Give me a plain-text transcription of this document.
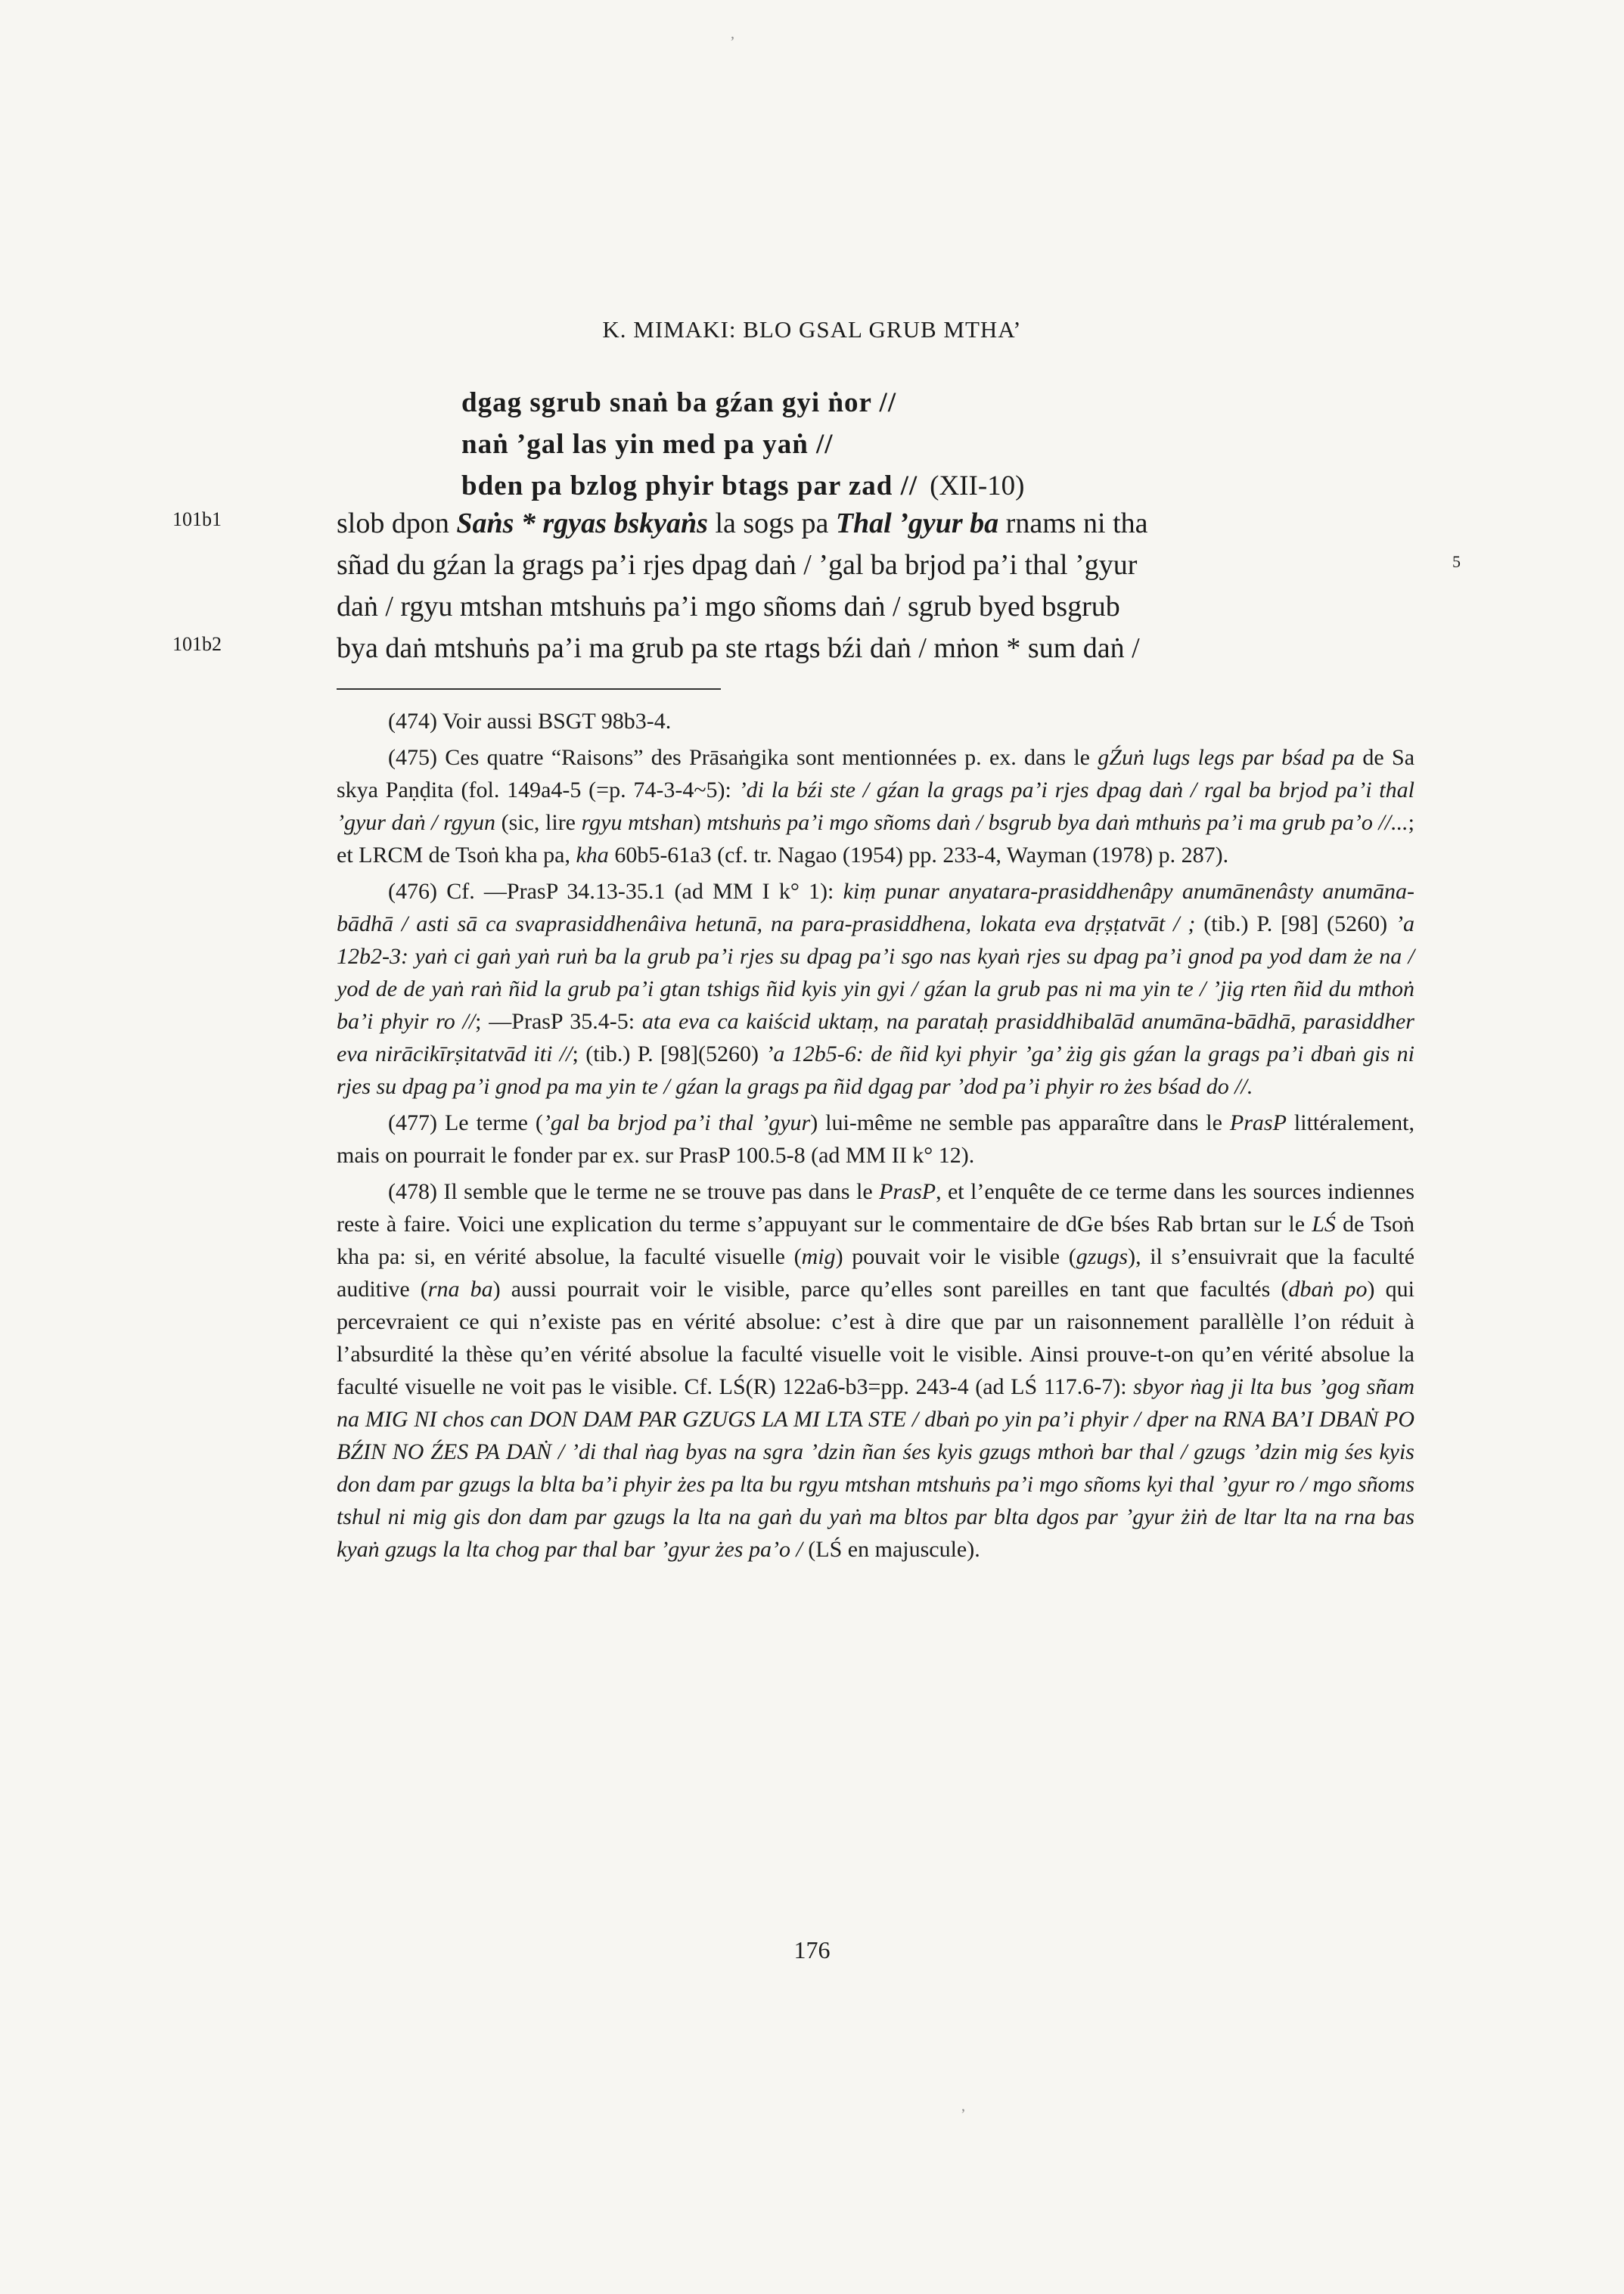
K. MIMAKI: BLO GSAL GRUB MTHA’
dgag sgrub snaṅ ba gźan gyi ṅor //
naṅ ’gal las yin med pa yaṅ //
bden pa bzlog phyir btags par zad // (XII-10)
101b1
101b2
5
slob dpon Saṅs * rgyas bskyaṅs la sogs pa Thal ’gyur ba rnams ni tha
sñad du gźan la grags pa’i rjes dpag daṅ / ’gal ba brjod pa’i thal ’gyur
daṅ / rgyu mtshan mtshuṅs pa’i mgo sñoms daṅ / sgrub byed bsgrub
bya daṅ mtshuṅs pa’i ma grub pa ste rtags bźi daṅ / mṅon * sum daṅ /

(474) Voir aussi BSGT 98b3-4.

(475) Ces quatre “Raisons” des Prāsaṅgika sont mentionnées p. ex. dans le gŹuṅ lugs legs par bśad pa de Sa skya Paṇḍita (fol. 149a4-5 (=p. 74-3-4~5): ’di la bźi ste / gźan la grags pa’i rjes dpag daṅ / rgal ba brjod pa’i thal ’gyur daṅ / rgyun (sic, lire rgyu mtshan) mtshuṅs pa’i mgo sñoms daṅ / bsgrub bya daṅ mthuṅs pa’i ma grub pa’o //...; et LRCM de Tsoṅ kha pa, kha 60b5-61a3 (cf. tr. Nagao (1954) pp. 233-4, Wayman (1978) p. 287).

(476) Cf. —PrasP 34.13-35.1 (ad MM I k° 1): kiṃ punar anyatara-prasiddhenâpy anumānenâsty anumāna-bādhā / asti sā ca svaprasiddhenâiva hetunā, na para-prasiddhena, lokata eva dṛṣṭatvāt / ; (tib.) P. [98] (5260) ’a 12b2-3: yaṅ ci gaṅ yaṅ ruṅ ba la grub pa’i rjes su dpag pa’i sgo nas kyaṅ rjes su dpag pa’i gnod pa yod dam że na / yod de de yaṅ raṅ ñid la grub pa’i gtan tshigs ñid kyis yin gyi / gźan la grub pas ni ma yin te / ’jig rten ñid du mthoṅ ba’i phyir ro //; —PrasP 35.4-5: ata eva ca kaiścid uktaṃ, na parataḥ prasiddhibalād anumāna-bādhā, parasiddher eva nirācikīrṣitatvād iti //; (tib.) P. [98](5260) ’a 12b5-6: de ñid kyi phyir ’ga’ żig gis gźan la grags pa’i dbaṅ gis ni rjes su dpag pa’i gnod pa ma yin te / gźan la grags pa ñid dgag par ’dod pa’i phyir ro żes bśad do //.

(477) Le terme (’gal ba brjod pa’i thal ’gyur) lui-même ne semble pas apparaître dans le PrasP littéralement, mais on pourrait le fonder par ex. sur PrasP 100.5-8 (ad MM II k° 12).

(478) Il semble que le terme ne se trouve pas dans le PrasP, et l’enquête de ce terme dans les sources indiennes reste à faire. Voici une explication du terme s’appuyant sur le commentaire de dGe bśes Rab brtan sur le LŚ de Tsoṅ kha pa: si, en vérité absolue, la faculté visuelle (mig) pouvait voir le visible (gzugs), il s’ensuivrait que la faculté auditive (rna ba) aussi pourrait voir le visible, parce qu’elles sont pareilles en tant que facultés (dbaṅ po) qui percevraient ce qui n’existe pas en vérité absolue: c’est à dire que par un raisonnement parallèlle l’on réduit à l’absurdité la thèse qu’en vérité absolue la faculté visuelle voit le visible. Ainsi prouve-t-on qu’en vérité absolue la faculté visuelle ne voit pas le visible. Cf. LŚ(R) 122a6-b3=pp. 243-4 (ad LŚ 117.6-7): sbyor ṅag ji lta bus ’gog sñam na MIG NI chos can DON DAM PAR GZUGS LA MI LTA STE / dbaṅ po yin pa’i phyir / dper na RNA BA’I DBAṄ PO BŹIN NO ŹES PA DAṄ / ’di thal ṅag byas na sgra ’dzin ñan śes kyis gzugs mthoṅ bar thal / gzugs ’dzin mig śes kyis don dam par gzugs la blta ba’i phyir żes pa lta bu rgyu mtshan mtshuṅs pa’i mgo sñoms kyi thal ’gyur ro / mgo sñoms tshul ni mig gis don dam par gzugs la lta na gaṅ du yaṅ ma bltos par blta dgos par ’gyur żiṅ de ltar lta na rna bas kyaṅ gzugs la lta chog par thal bar ’gyur żes pa’o / (LŚ en majuscule).

176
ʼ
ʼ
